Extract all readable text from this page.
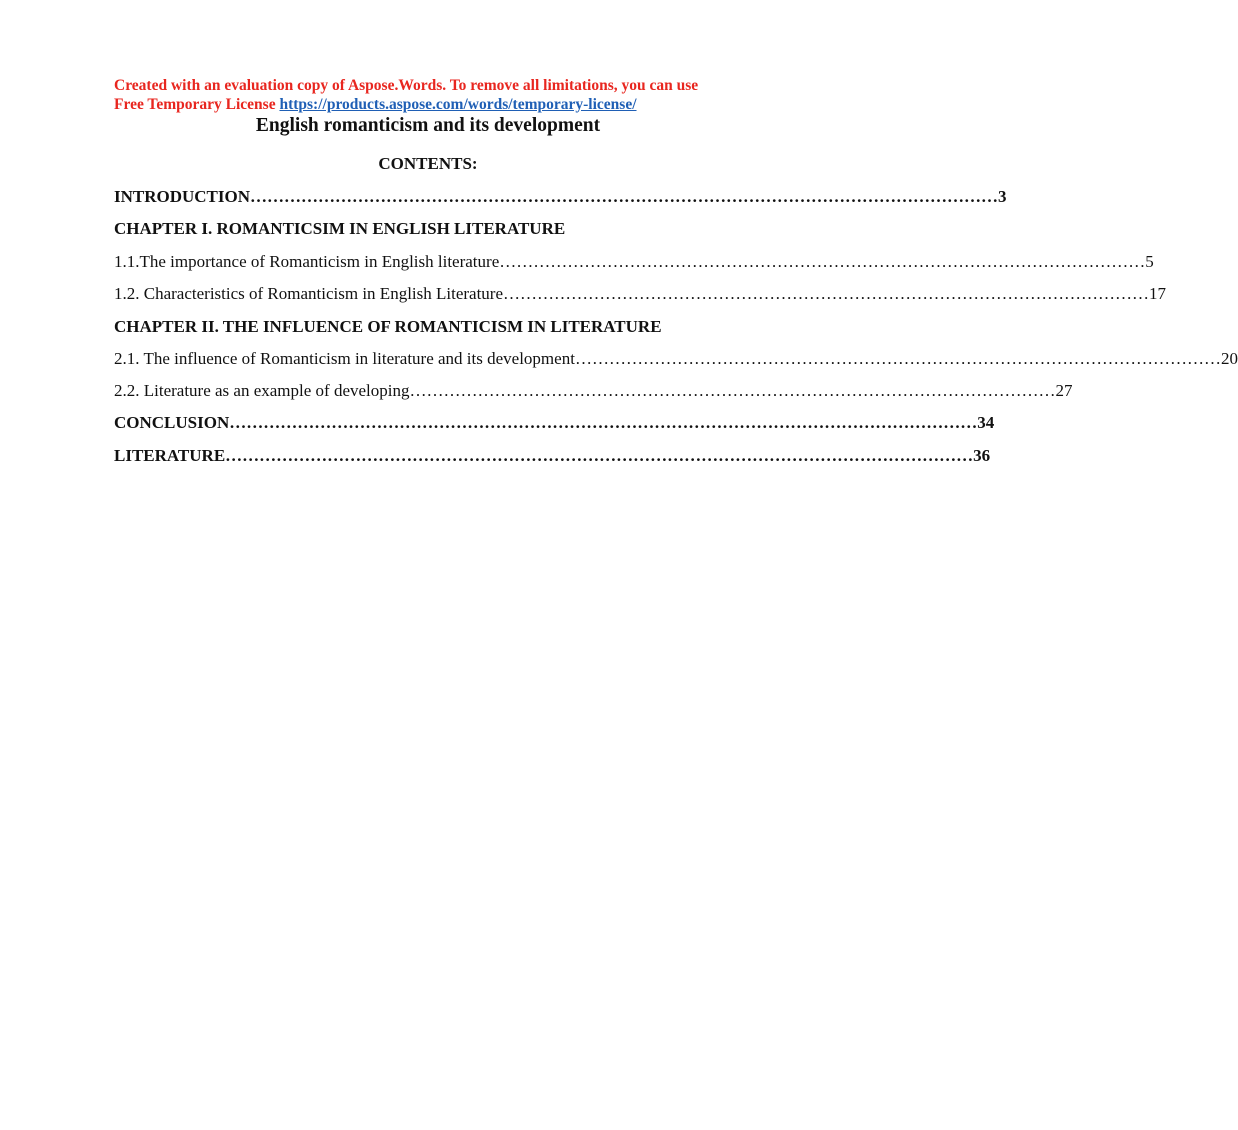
Created with an evaluation copy of Aspose.Words. To remove all limitations, you can use
Free Temporary License https://products.aspose.com/words/temporary-license/
English romanticism and its development
CONTENTS:
INTRODUCTION …………………………………………………………………………………………………………………… 3
CHAPTER I. ROMANTICSIM IN ENGLISH LITERATURE
1.1.The importance of Romanticism in English literature …………………………………………………………………………………………………… 5
1.2. Characteristics of Romanticism in English Literature …………………………………………………………………………………………………… 17
CHAPTER II. THE INFLUENCE OF ROMANTICISM IN LITERATURE
2.1. The influence of Romanticism in literature and its development …………………………………………………………………………………………………… 20
2.2. Literature as an example of developing …………………………………………………………………………………………………… 27
CONCLUSION …………………………………………………………………………………………………………………… 34
LITERATURE …………………………………………………………………………………………………………………… 36
